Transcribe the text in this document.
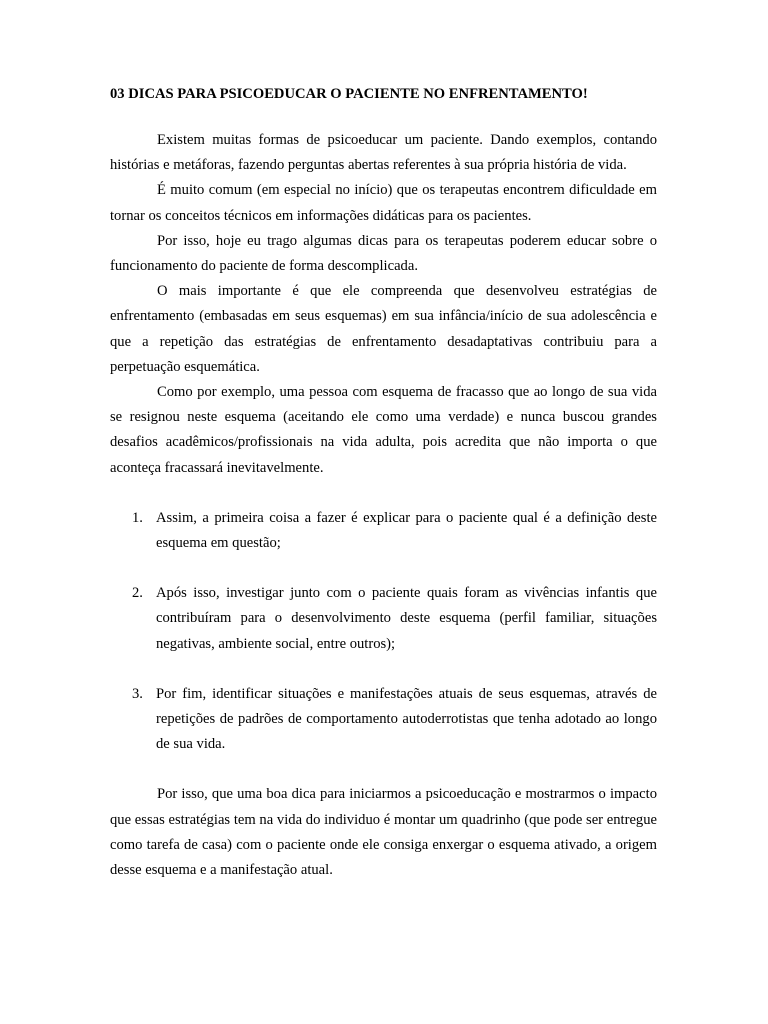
03 DICAS PARA PSICOEDUCAR O PACIENTE NO ENFRENTAMENTO!

Existem muitas formas de psicoeducar um paciente. Dando exemplos, contando histórias e metáforas, fazendo perguntas abertas referentes à sua própria história de vida.

É muito comum (em especial no início) que os terapeutas encontrem dificuldade em tornar os conceitos técnicos em informações didáticas para os pacientes.

Por isso, hoje eu trago algumas dicas para os terapeutas poderem educar sobre o funcionamento do paciente de forma descomplicada.

O mais importante é que ele compreenda que desenvolveu estratégias de enfrentamento (embasadas em seus esquemas) em sua infância/início de sua adolescência e que a repetição das estratégias de enfrentamento desadaptativas contribuiu para a perpetuação esquemática.

Como por exemplo, uma pessoa com esquema de fracasso que ao longo de sua vida se resignou neste esquema (aceitando ele como uma verdade) e nunca buscou grandes desafios acadêmicos/profissionais na vida adulta, pois acredita que não importa o que aconteça fracassará inevitavelmente.

1. Assim, a primeira coisa a fazer é explicar para o paciente qual é a definição deste esquema em questão;
2. Após isso, investigar junto com o paciente quais foram as vivências infantis que contribuíram para o desenvolvimento deste esquema (perfil familiar, situações negativas, ambiente social, entre outros);
3. Por fim, identificar situações e manifestações atuais de seus esquemas, através de repetições de padrões de comportamento autoderrotistas que tenha adotado ao longo de sua vida.

Por isso, que uma boa dica para iniciarmos a psicoeducação e mostrarmos o impacto que essas estratégias tem na vida do individuo é montar um quadrinho (que pode ser entregue como tarefa de casa) com o paciente onde ele consiga enxergar o esquema ativado, a origem desse esquema e a manifestação atual.
